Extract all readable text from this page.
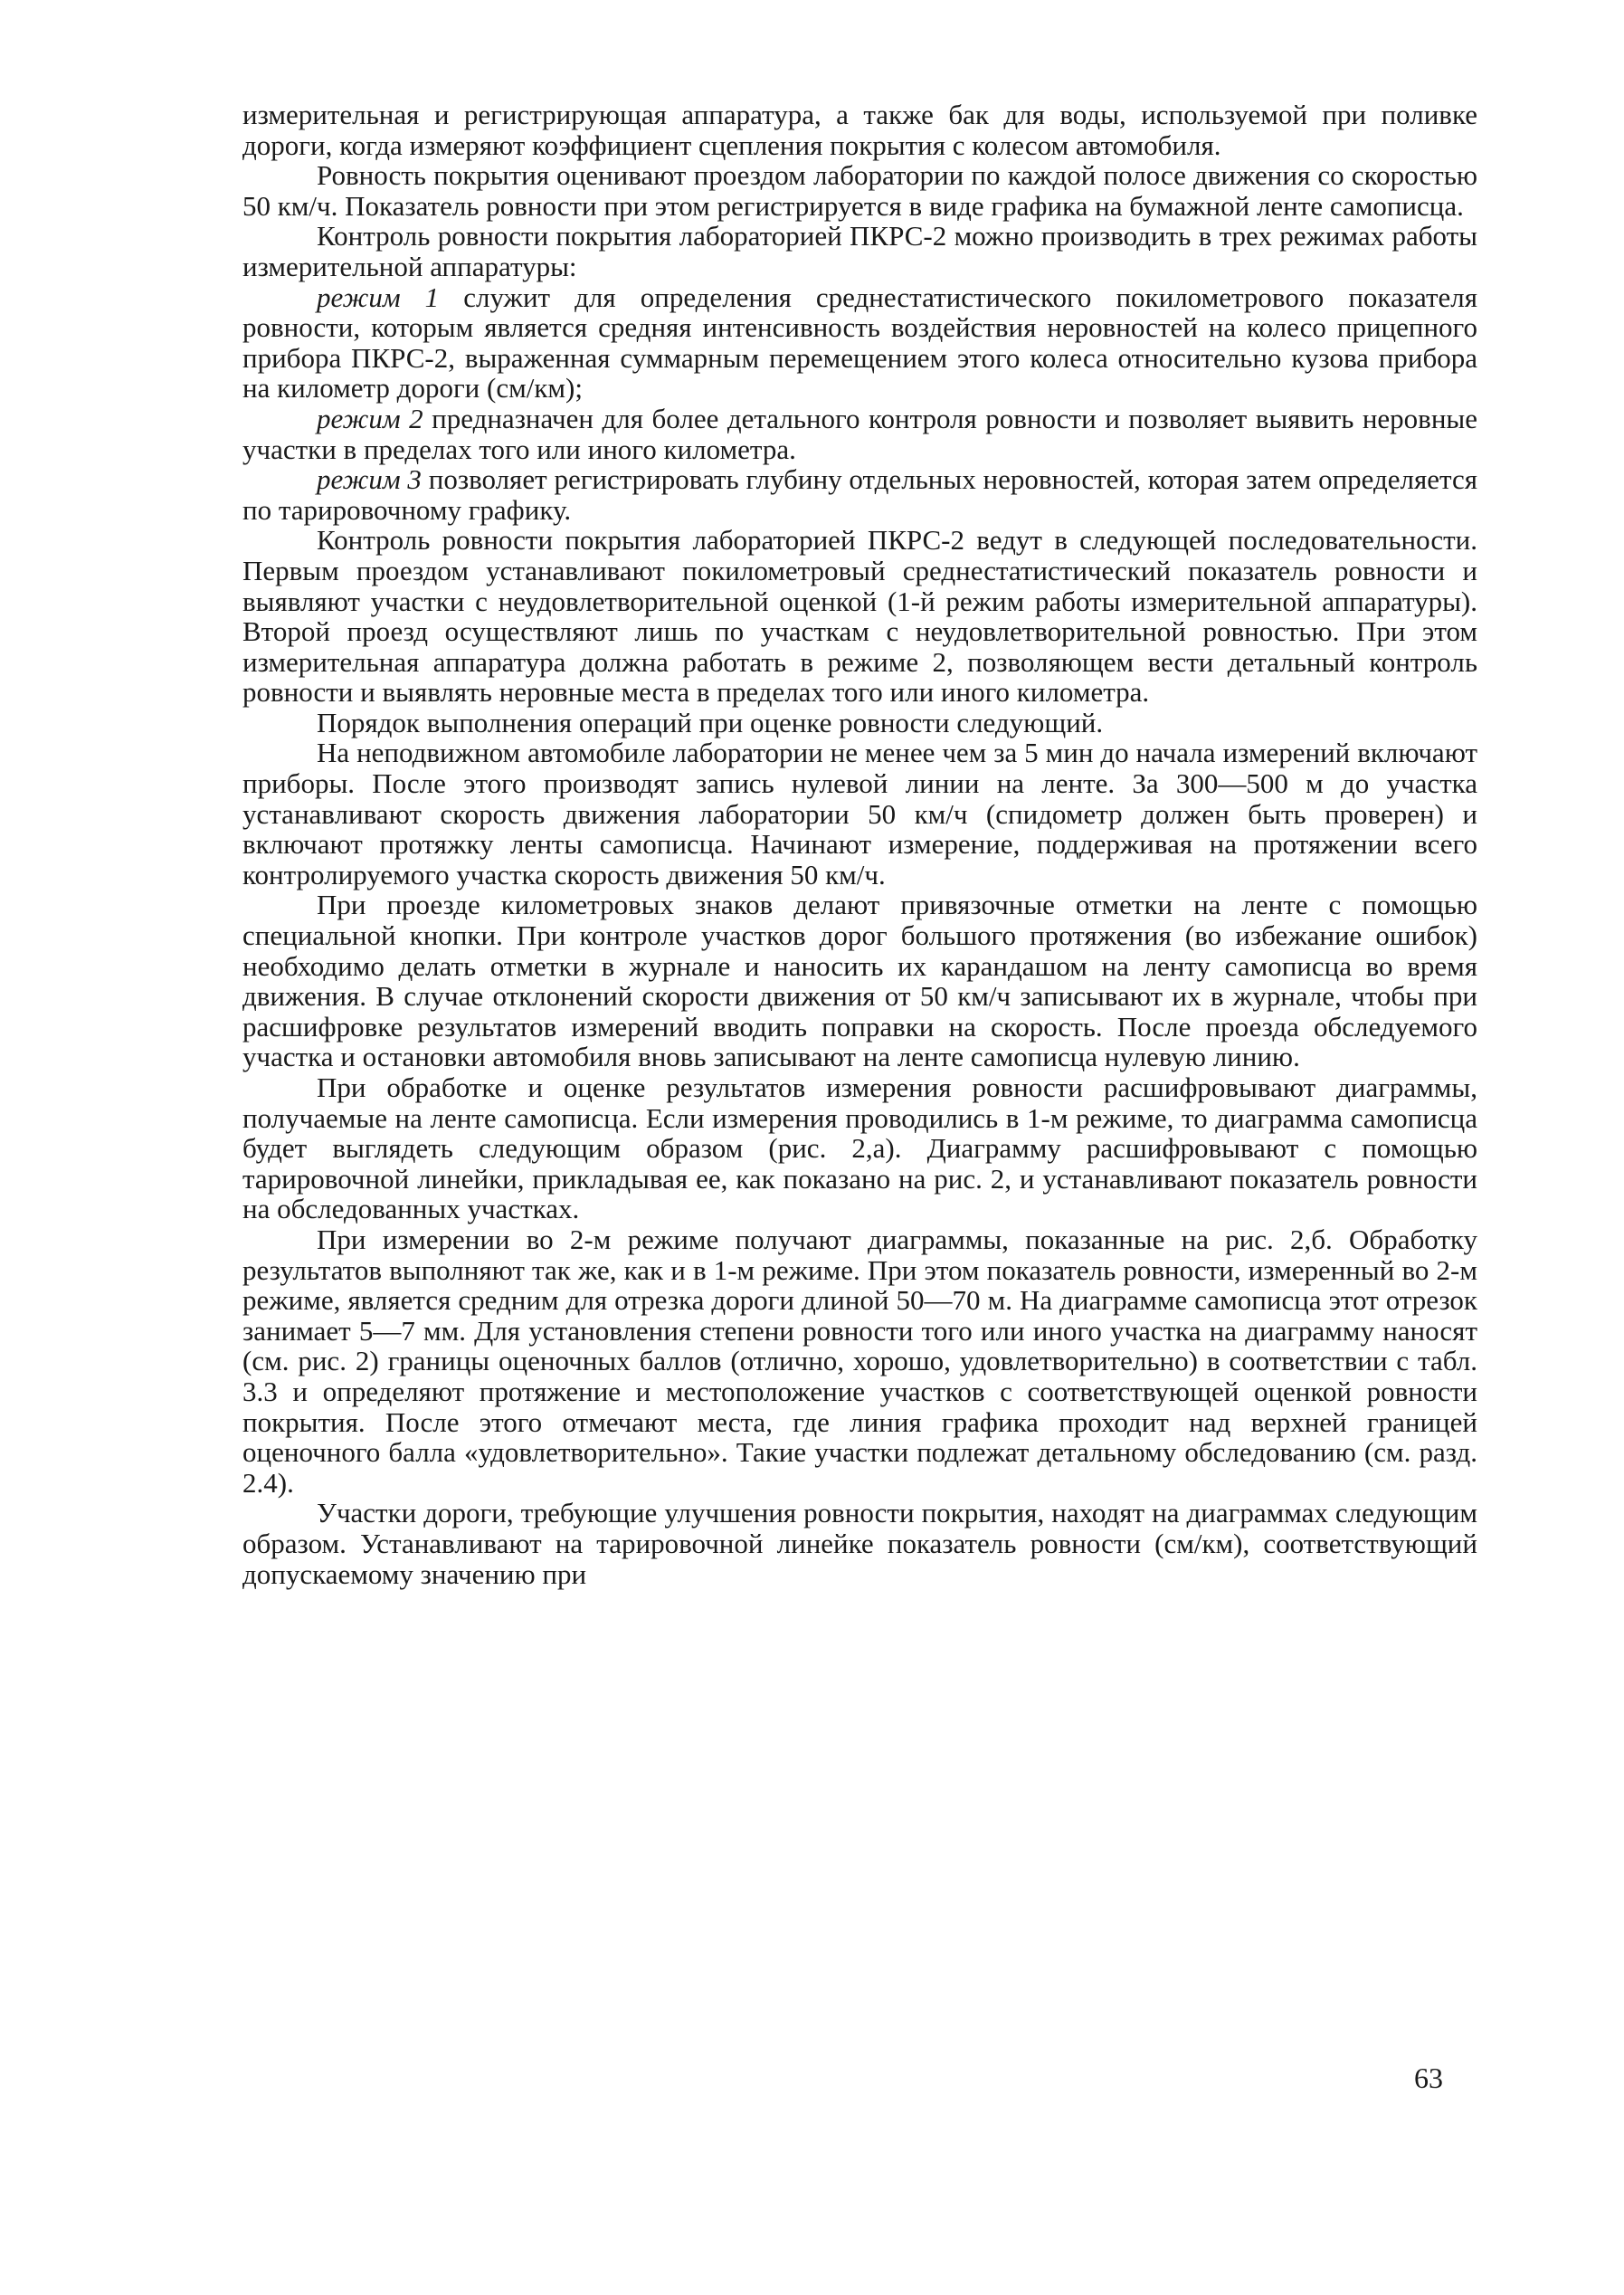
измерительная и регистрирующая аппаратура, а также бак для воды, используемой при поливке дороги, когда измеряют коэффициент сцепления покрытия с колесом автомобиля.

Ровность покрытия оценивают проездом лаборатории по каждой полосе движения со скоростью 50 км/ч. Показатель ровности при этом регистрируется в виде графика на бумажной ленте самописца.

Контроль ровности покрытия лабораторией ПКРС-2 можно производить в трех режимах работы измерительной аппаратуры:

режим 1 служит для определения среднестатистического покилометрового показателя ровности, которым является средняя интенсивность воздействия неровностей на колесо прицепного прибора ПКРС-2, выраженная суммарным перемещением этого колеса относительно кузова прибора на километр дороги (см/км);

режим 2 предназначен для более детального контроля ровности и позволяет выявить неровные участки в пределах того или иного километра.

режим 3 позволяет регистрировать глубину отдельных неровностей, которая затем определяется по тарировочному графику.

Контроль ровности покрытия лабораторией ПКРС-2 ведут в следующей последовательности. Первым проездом устанавливают покилометровый среднестатистический показатель ровности и выявляют участки с неудовлетворительной оценкой (1-й режим работы измерительной аппаратуры). Второй проезд осуществляют лишь по участкам с неудовлетворительной ровностью. При этом измерительная аппаратура должна работать в режиме 2, позволяющем вести детальный контроль ровности и выявлять неровные места в пределах того или иного километра.

Порядок выполнения операций при оценке ровности следующий.

На неподвижном автомобиле лаборатории не менее чем за 5 мин до начала измерений включают приборы. После этого производят запись нулевой линии на ленте. За 300—500 м до участка устанавливают скорость движения лаборатории 50 км/ч (спидометр должен быть проверен) и включают протяжку ленты самописца. Начинают измерение, поддерживая на протяжении всего контролируемого участка скорость движения 50 км/ч.

При проезде километровых знаков делают привязочные отметки на ленте с помощью специальной кнопки. При контроле участков дорог большого протяжения (во избежание ошибок) необходимо делать отметки в журнале и наносить их карандашом на ленту самописца во время движения. В случае отклонений скорости движения от 50 км/ч записывают их в журнале, чтобы при расшифровке результатов измерений вводить поправки на скорость. После проезда обследуемого участка и остановки автомобиля вновь записывают на ленте самописца нулевую линию.

При обработке и оценке результатов измерения ровности расшифровывают диаграммы, получаемые на ленте самописца. Если измерения проводились в 1-м режиме, то диаграмма самописца будет выглядеть следующим образом (рис. 2,а). Диаграмму расшифровывают с помощью тарировочной линейки, прикладывая ее, как показано на рис. 2, и устанавливают показатель ровности на обследованных участках.

При измерении во 2-м режиме получают диаграммы, показанные на рис. 2,б. Обработку результатов выполняют так же, как и в 1-м режиме. При этом показатель ровности, измеренный во 2-м режиме, является средним для отрезка дороги длиной 50—70 м. На диаграмме самописца этот отрезок занимает 5—7 мм. Для установления степени ровности того или иного участка на диаграмму наносят (см. рис. 2) границы оценочных баллов (отлично, хорошо, удовлетворительно) в соответствии с табл. 3.3 и определяют протяжение и местоположение участков с соответствующей оценкой ровности покрытия. После этого отмечают места, где линия графика проходит над верхней границей оценочного балла «удовлетворительно». Такие участки подлежат детальному обследованию (см. разд. 2.4).

Участки дороги, требующие улучшения ровности покрытия, находят на диаграммах следующим образом. Устанавливают на тарировочной линейке показатель ровности (см/км), соответствующий допускаемому значению при

63
